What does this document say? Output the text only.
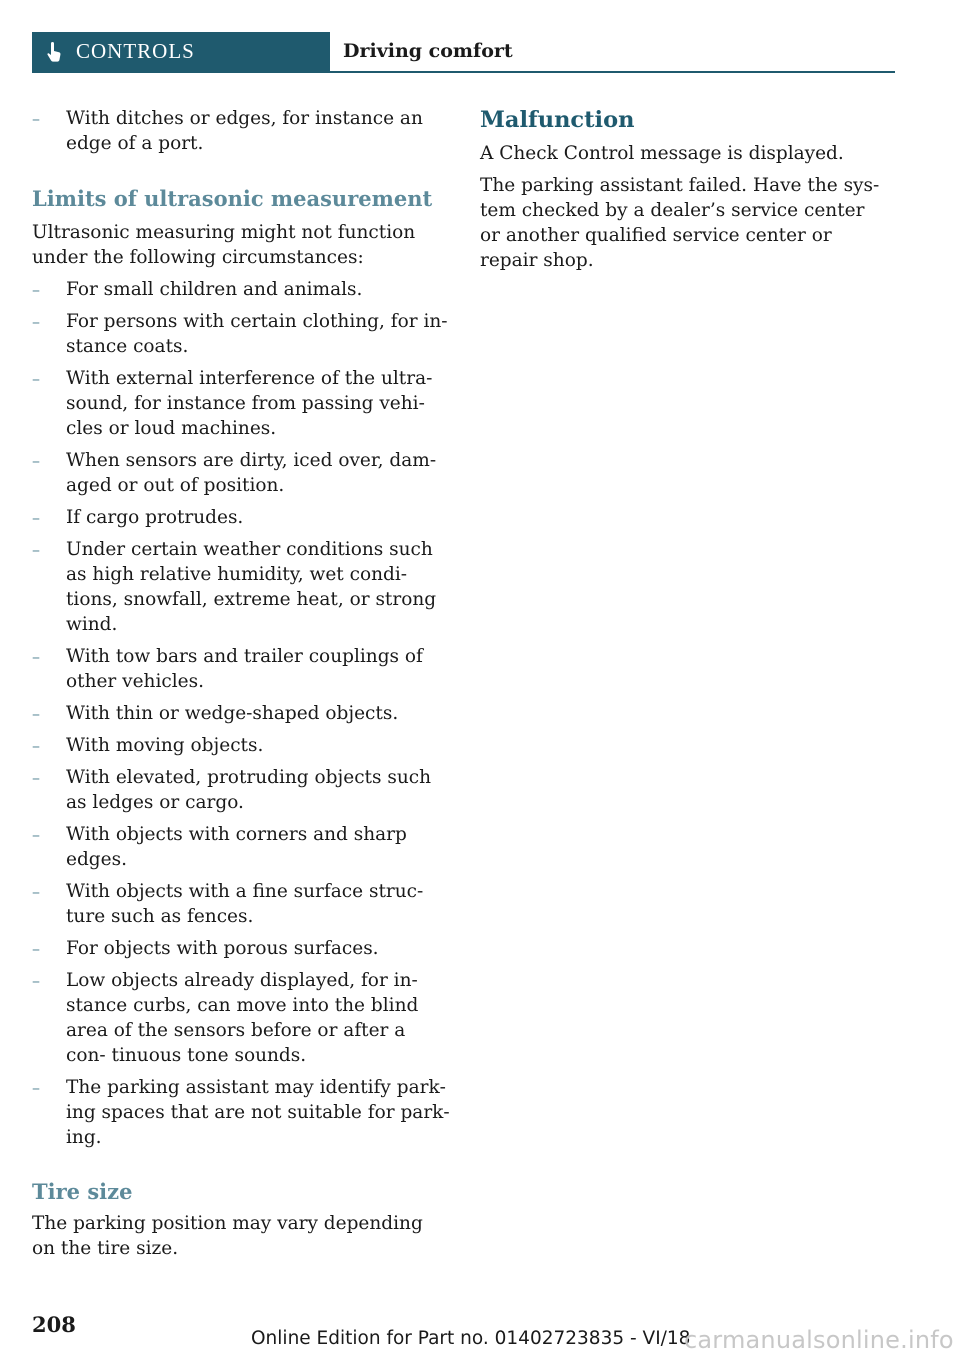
CONTROLS	Driving comfort
– With ditches or edges, for instance an edge of a port.
Limits of ultrasonic measurement

Ultrasonic measuring might not function under the following circumstances:

– For small children and animals.
– For persons with certain clothing, for in‐ stance coats.
– With external interference of the ultra‐ sound, for instance from passing vehi‐ cles or loud machines.
– When sensors are dirty, iced over, dam‐ aged or out of position.
– If cargo protrudes.
– Under certain weather conditions such as high relative humidity, wet condi‐ tions, snowfall, extreme heat, or strong wind.
– With tow bars and trailer couplings of other vehicles.
– With thin or wedge-shaped objects.
– With moving objects.
– With elevated, protruding objects such as ledges or cargo.
– With objects with corners and sharp edges.
– With objects with a fine surface struc‐ ture such as fences.
– For objects with porous surfaces.
– Low objects already displayed, for in‐ stance curbs, can move into the blind area of the sensors before or after a con‐ tinuous tone sounds.
– The parking assistant may identify park‐ ing spaces that are not suitable for park‐ ing.
Tire size

The parking position may vary depending on the tire size.

Malfunction

A Check Control message is displayed.

The parking assistant failed. Have the sys‐ tem checked by a dealer’s service center or another qualified service center or repair shop.

208
Online Edition for Part no. 01402723835 - VI/18
carmanualsonline.info
